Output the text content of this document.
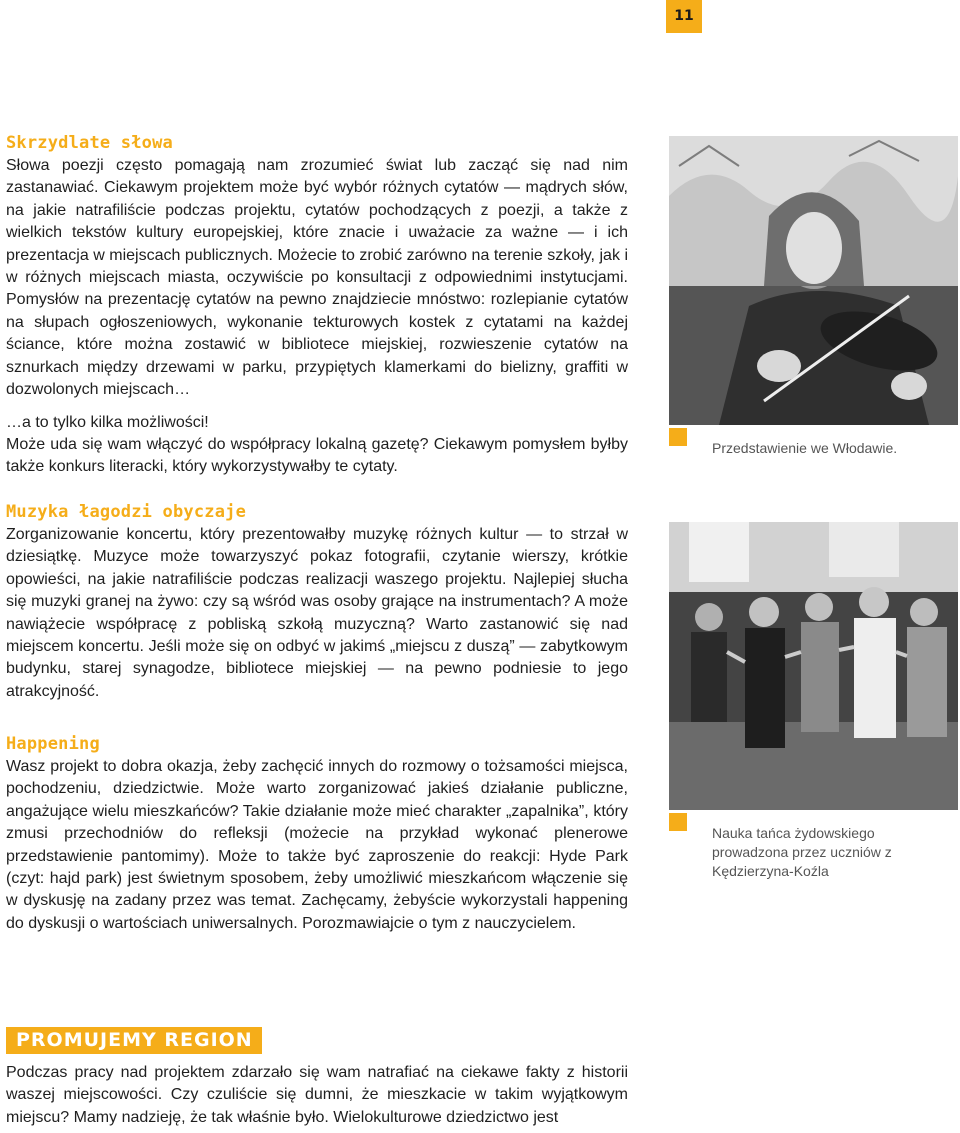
11
Skrzydlate słowa
Słowa poezji często pomagają nam zrozumieć świat lub zacząć się nad nim zastanawiać. Ciekawym projektem może być wybór różnych cytatów — mądrych słów, na jakie natrafiliście podczas projektu, cytatów pochodzących z poezji, a także z wielkich tekstów kultury europejskiej, które znacie i uważacie za ważne — i ich prezentacja w miejscach publicznych. Możecie to zrobić zarówno na terenie szkoły, jak i w różnych miejscach miasta, oczywiście po konsultacji z odpowiednimi instytucjami. Pomysłów na prezentację cytatów na pewno znajdziecie mnóstwo: rozlepianie cytatów na słupach ogłoszeniowych, wykonanie tekturowych kostek z cytatami na każdej ściance, które można zostawić w bibliotece miejskiej, rozwieszenie cytatów na sznurkach między drzewami w parku, przypiętych klamerkami do bielizny, graffiti w dozwolonych miejscach…
…a to tylko kilka możliwości!
Może uda się wam włączyć do współpracy lokalną gazetę? Ciekawym pomysłem byłby także konkurs literacki, który wykorzystywałby te cytaty.
Muzyka łagodzi obyczaje
Zorganizowanie koncertu, który prezentowałby muzykę różnych kultur — to strzał w dziesiątkę. Muzyce może towarzyszyć pokaz fotografii, czytanie wierszy, krótkie opowieści, na jakie natrafiliście podczas realizacji waszego projektu. Najlepiej słucha się muzyki granej na żywo: czy są wśród was osoby grające na instrumentach? A może nawiążecie współpracę z pobliską szkołą muzyczną? Warto zastanowić się nad miejscem koncertu. Jeśli może się on odbyć w jakimś „miejscu z duszą” — zabytkowym budynku, starej synagodze, bibliotece miejskiej — na pewno podniesie to jego atrakcyjność.
Happening
Wasz projekt to dobra okazja, żeby zachęcić innych do rozmowy o tożsamości miejsca, pochodzeniu, dziedzictwie. Może warto zorganizować jakieś działanie publiczne, angażujące wielu mieszkańców? Takie działanie może mieć charakter „zapalnika”, który zmusi przechodniów do refleksji (możecie na przykład wykonać plenerowe przedstawienie pantomimy). Może to także być zaproszenie do reakcji: Hyde Park (czyt: hajd park) jest świetnym sposobem, żeby umożliwić mieszkańcom włączenie się w dyskusję na zadany przez was temat. Zachęcamy, żebyście wykorzystali happening do dyskusji o wartościach uniwersalnych. Porozmawiajcie o tym z nauczycielem.
PROMUJEMY REGION
Podczas pracy nad projektem zdarzało się wam natrafiać na ciekawe fakty z historii waszej miejscowości. Czy czuliście się dumni, że mieszkacie w takim wyjątkowym miejscu? Mamy nadzieję, że tak właśnie było. Wielokulturowe dziedzictwo jest
Przedstawienie we Włodawie.
Nauka tańca żydowskiego prowadzona przez uczniów z Kędzierzyna-Koźla
